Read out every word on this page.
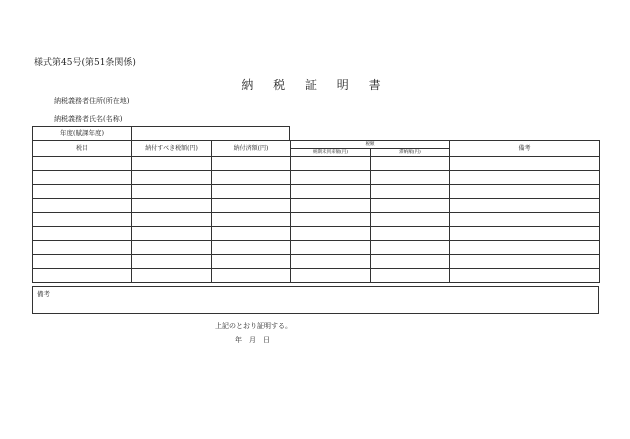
様式第45号(第51条関係)
納 税 証 明 書
納税義務者住所(所在地)
納税義務者氏名(名称)
年度(賦課年度)
税目	納付すべき税額(円)	納付済額(円)	税額		備考
			納期未到来額(円)	滞納額(円)	

備考
上記のとおり証明する。
年　月　日
